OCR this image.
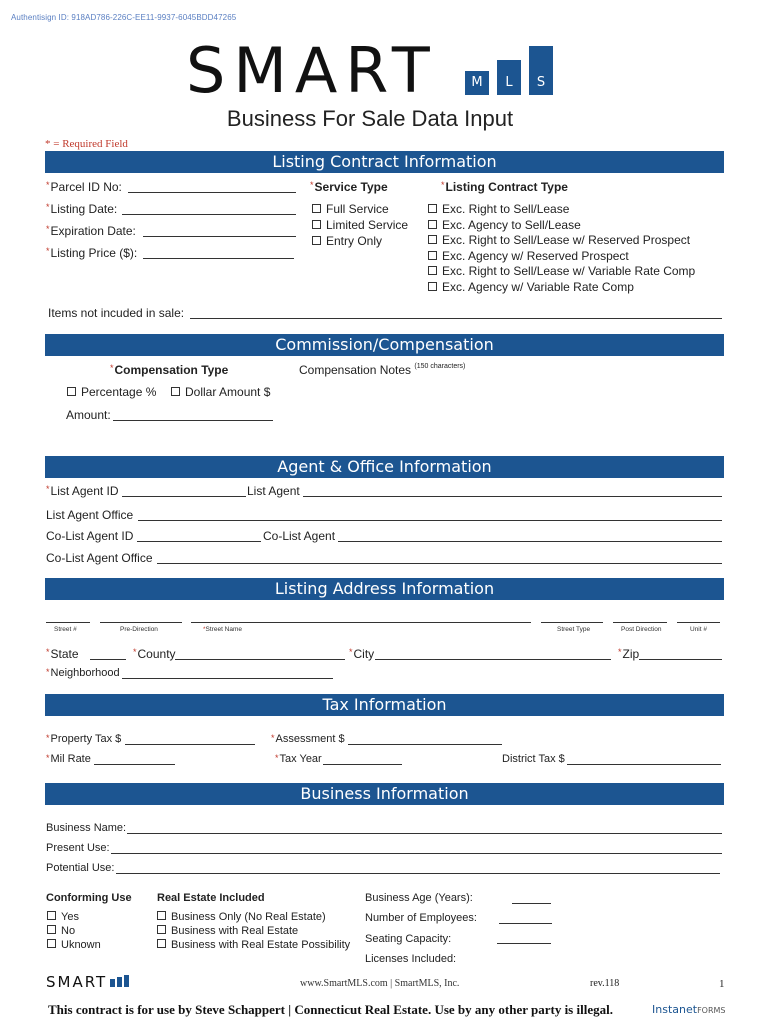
Authentisign ID: 918AD786-226C-EE11-9937-6045BDD47265
SMART	M	L	S
Business For Sale Data Input
* = Required Field
Listing Contract Information
*Parcel ID No:
*Listing Date:
*Expiration Date:
*Listing Price ($):
*Service Type
Full Service
Limited Service
Entry Only
*Listing Contract Type
Exc. Right to Sell/Lease
Exc. Agency to Sell/Lease
Exc. Right to Sell/Lease w/ Reserved Prospect
Exc. Agency w/ Reserved Prospect
Exc. Right to Sell/Lease w/ Variable Rate Comp
Exc. Agency w/ Variable Rate Comp
Items not incuded in sale:
Commission/Compensation
*Compensation Type
Percentage %	Dollar Amount $
Amount:
Compensation Notes $^{(150 characters)}$
Agent & Office Information
*List Agent ID	List Agent
List Agent Office
Co-List Agent ID	Co-List Agent
Co-List Agent Office
Listing Address Information
Street #	Pre-Direction	*Street Name	Street Type	Post Direction	Unit #
*State	*County	*City	*Zip
*Neighborhood
Tax Information
*Property Tax $	*Assessment $
*Mil Rate	*Tax Year	District Tax $
Business Information
Business Name:
Present Use:
Potential Use:
Conforming Use
Yes
No
Uknown
Real Estate Included
Business Only (No Real Estate)
Business with Real Estate
Business with Real Estate Possibility
Business Age (Years):
Number of Employees:
Seating Capacity:
Licenses Included:
SMART	www.SmartMLS.com | SmartMLS, Inc.	rev.118	1
This contract is for use by Steve Schappert | Connecticut Real Estate. Use by any other party is illegal.	InstanetFORMS
